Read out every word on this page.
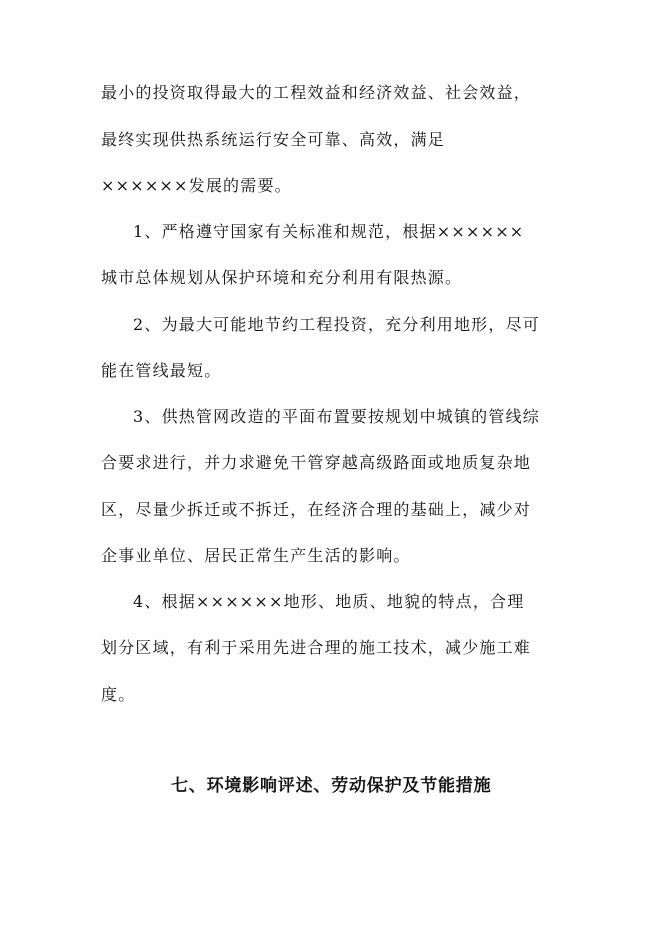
最小的投资取得最大的工程效益和经济效益、社会效益，
最终实现供热系统运行安全可靠、高效，满足
××××××发展的需要。
1、严格遵守国家有关标准和规范，根据××××××
城市总体规划从保护环境和充分利用有限热源。
2、为最大可能地节约工程投资，充分利用地形，尽可
能在管线最短。
3、供热管网改造的平面布置要按规划中城镇的管线综
合要求进行，并力求避免干管穿越高级路面或地质复杂地
区，尽量少拆迁或不拆迁，在经济合理的基础上，减少对
企事业单位、居民正常生产生活的影响。
4、根据××××××地形、地质、地貌的特点，合理
划分区域，有利于采用先进合理的施工技术，减少施工难
度。
七、环境影响评述、劳动保护及节能措施
